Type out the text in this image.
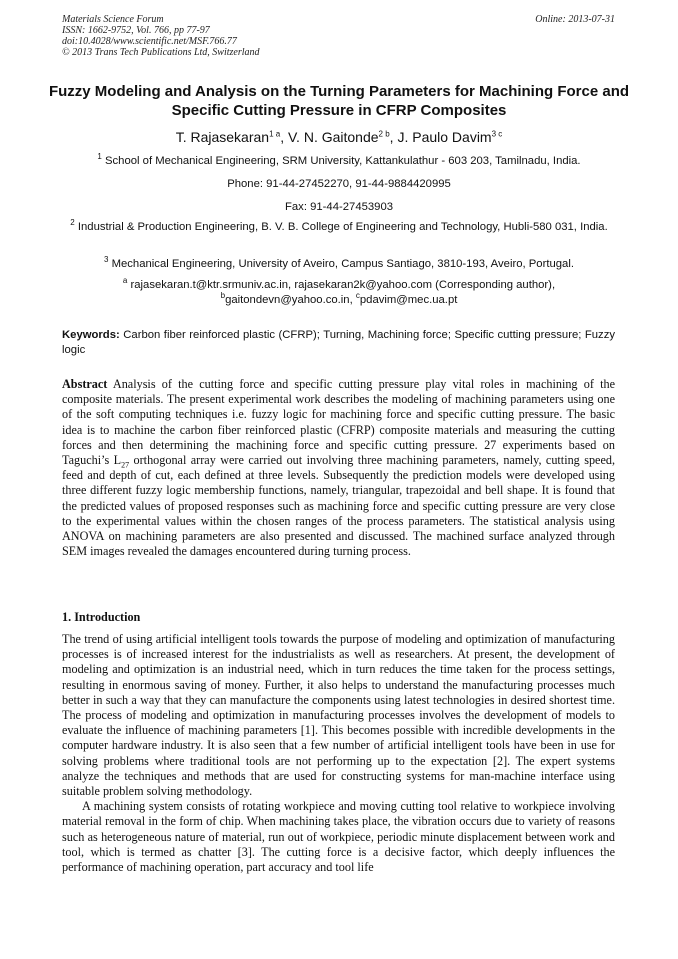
Materials Science Forum
ISSN: 1662-9752, Vol. 766, pp 77-97
doi:10.4028/www.scientific.net/MSF.766.77
© 2013 Trans Tech Publications Ltd, Switzerland
Online: 2013-07-31
Fuzzy Modeling and Analysis on the Turning Parameters for Machining Force and Specific Cutting Pressure in CFRP Composites
T. Rajasekaran$^{1 a}$, V. N. Gaitonde$^{2 b}$, J. Paulo Davim$^{3 c}$
$^1$ School of Mechanical Engineering, SRM University, Kattankulathur - 603 203, Tamilnadu, India.
Phone: 91-44-27452270, 91-44-9884420995
Fax: 91-44-27453903
$^2$ Industrial & Production Engineering, B. V. B. College of Engineering and Technology, Hubli-580 031, India.
$^3$ Mechanical Engineering, University of Aveiro, Campus Santiago, 3810-193, Aveiro, Portugal.
$^a$ rajasekaran.t@ktr.srmuniv.ac.in, rajasekaran2k@yahoo.com (Corresponding author),
$^b$gaitondevn@yahoo.co.in, $^c$pdavim@mec.ua.pt
Keywords: Carbon fiber reinforced plastic (CFRP); Turning, Machining force; Specific cutting pressure; Fuzzy logic
Abstract Analysis of the cutting force and specific cutting pressure play vital roles in machining of the composite materials. The present experimental work describes the modeling of machining parameters using one of the soft computing techniques i.e. fuzzy logic for machining force and specific cutting pressure. The basic idea is to machine the carbon fiber reinforced plastic (CFRP) composite materials and measuring the cutting forces and then determining the machining force and specific cutting pressure. 27 experiments based on Taguchi’s $L_{27}$ orthogonal array were carried out involving three machining parameters, namely, cutting speed, feed and depth of cut, each defined at three levels. Subsequently the prediction models were developed using three different fuzzy logic membership functions, namely, triangular, trapezoidal and bell shape. It is found that the predicted values of proposed responses such as machining force and specific cutting pressure are very close to the experimental values within the chosen ranges of the process parameters. The statistical analysis using ANOVA on machining parameters are also presented and discussed. The machined surface analyzed through SEM images revealed the damages encountered during turning process.
1. Introduction

The trend of using artificial intelligent tools towards the purpose of modeling and optimization of manufacturing processes is of increased interest for the industrialists as well as researchers. At present, the development of modeling and optimization is an industrial need, which in turn reduces the time taken for the process settings, resulting in enormous saving of money. Further, it also helps to understand the manufacturing processes much better in such a way that they can manufacture the components using latest technologies in desired shortest time. The process of modeling and optimization in manufacturing processes involves the development of models to evaluate the influence of machining parameters [1]. This becomes possible with incredible developments in the computer hardware industry. It is also seen that a few number of artificial intelligent tools have been in use for solving problems where traditional tools are not performing up to the expectation [2]. The expert systems analyze the techniques and methods that are used for constructing systems for man-machine interface using suitable problem solving methodology.

A machining system consists of rotating workpiece and moving cutting tool relative to workpiece involving material removal in the form of chip. When machining takes place, the vibration occurs due to variety of reasons such as heterogeneous nature of material, run out of workpiece, periodic minute displacement between work and tool, which is termed as chatter [3]. The cutting force is a decisive factor, which deeply influences the performance of machining operation, part accuracy and tool life
